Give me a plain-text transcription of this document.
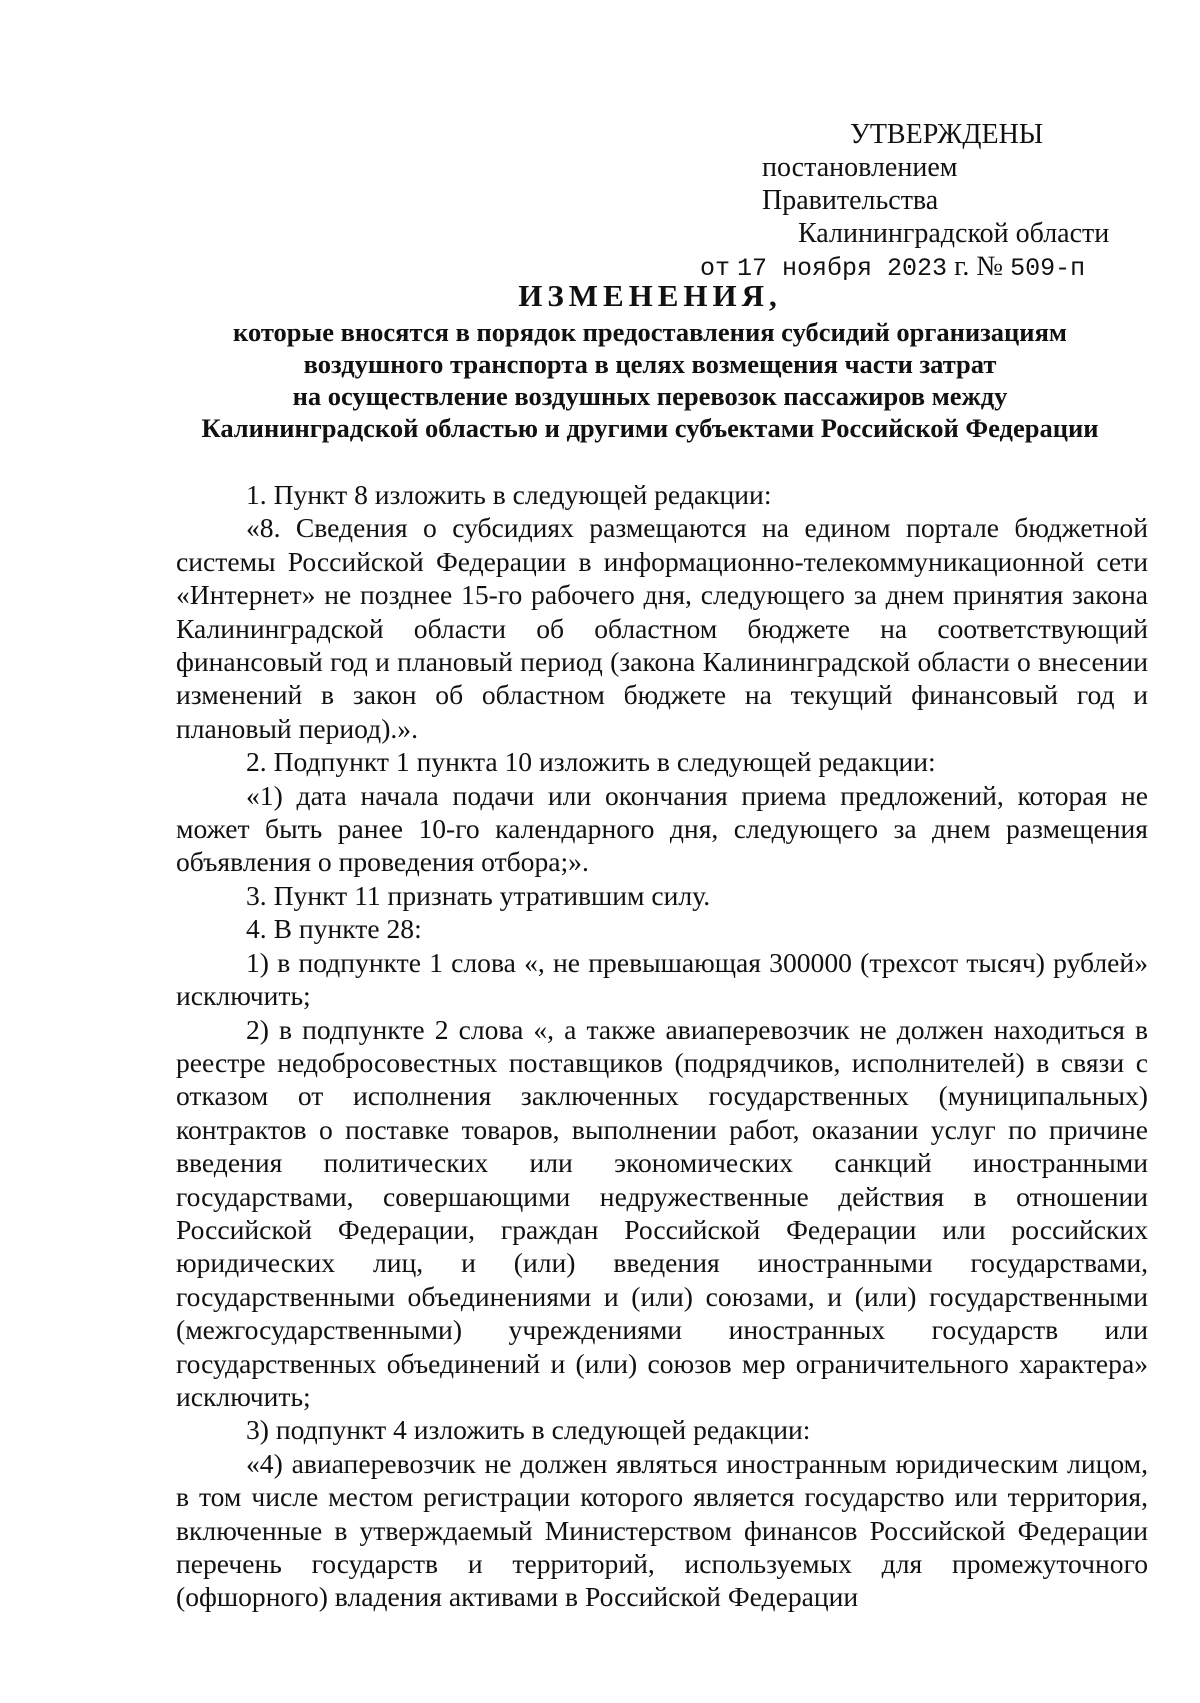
УТВЕРЖДЕНЫ
постановлением Правительства
Калининградской области
от 17 ноября 2023 г. № 509-п
ИЗМЕНЕНИЯ,
которые вносятся в порядок предоставления субсидий организациям
воздушного транспорта в целях возмещения части затрат
на осуществление воздушных перевозок пассажиров между
Калининградской областью и другими субъектами Российской Федерации

1. Пункт 8 изложить в следующей редакции:

«8. Сведения о субсидиях размещаются на едином портале бюджетной системы Российской Федерации в информационно-телекоммуникационной сети «Интернет» не позднее 15-го рабочего дня, следующего за днем принятия закона Калининградской области об областном бюджете на соответствующий финансовый год и плановый период (закона Калининградской области о внесении изменений в закон об областном бюджете на текущий финансовый год и плановый период).».

2. Подпункт 1 пункта 10 изложить в следующей редакции:

«1) дата начала подачи или окончания приема предложений, которая не может быть ранее 10-го календарного дня, следующего за днем размещения объявления о проведения отбора;».

3. Пункт 11 признать утратившим силу.

4. В пункте 28:

1) в подпункте 1 слова «, не превышающая 300000 (трехсот тысяч) рублей» исключить;

2) в подпункте 2 слова «, а также авиаперевозчик не должен находиться в реестре недобросовестных поставщиков (подрядчиков, исполнителей) в связи с отказом от исполнения заключенных государственных (муниципальных) контрактов о поставке товаров, выполнении работ, оказании услуг по причине введения политических или экономических санкций иностранными государствами, совершающими недружественные действия в отношении Российской Федерации, граждан Российской Федерации или российских юридических лиц, и (или) введения иностранными государствами, государственными объединениями и (или) союзами, и (или) государственными (межгосударственными) учреждениями иностранных государств или государственных объединений и (или) союзов мер ограничительного характера» исключить;

3) подпункт 4 изложить в следующей редакции:

«4) авиаперевозчик не должен являться иностранным юридическим лицом, в том числе местом регистрации которого является государство или территория, включенные в утверждаемый Министерством финансов Российской Федерации перечень государств и территорий, используемых для промежуточного (офшорного) владения активами в Российской Федерации
